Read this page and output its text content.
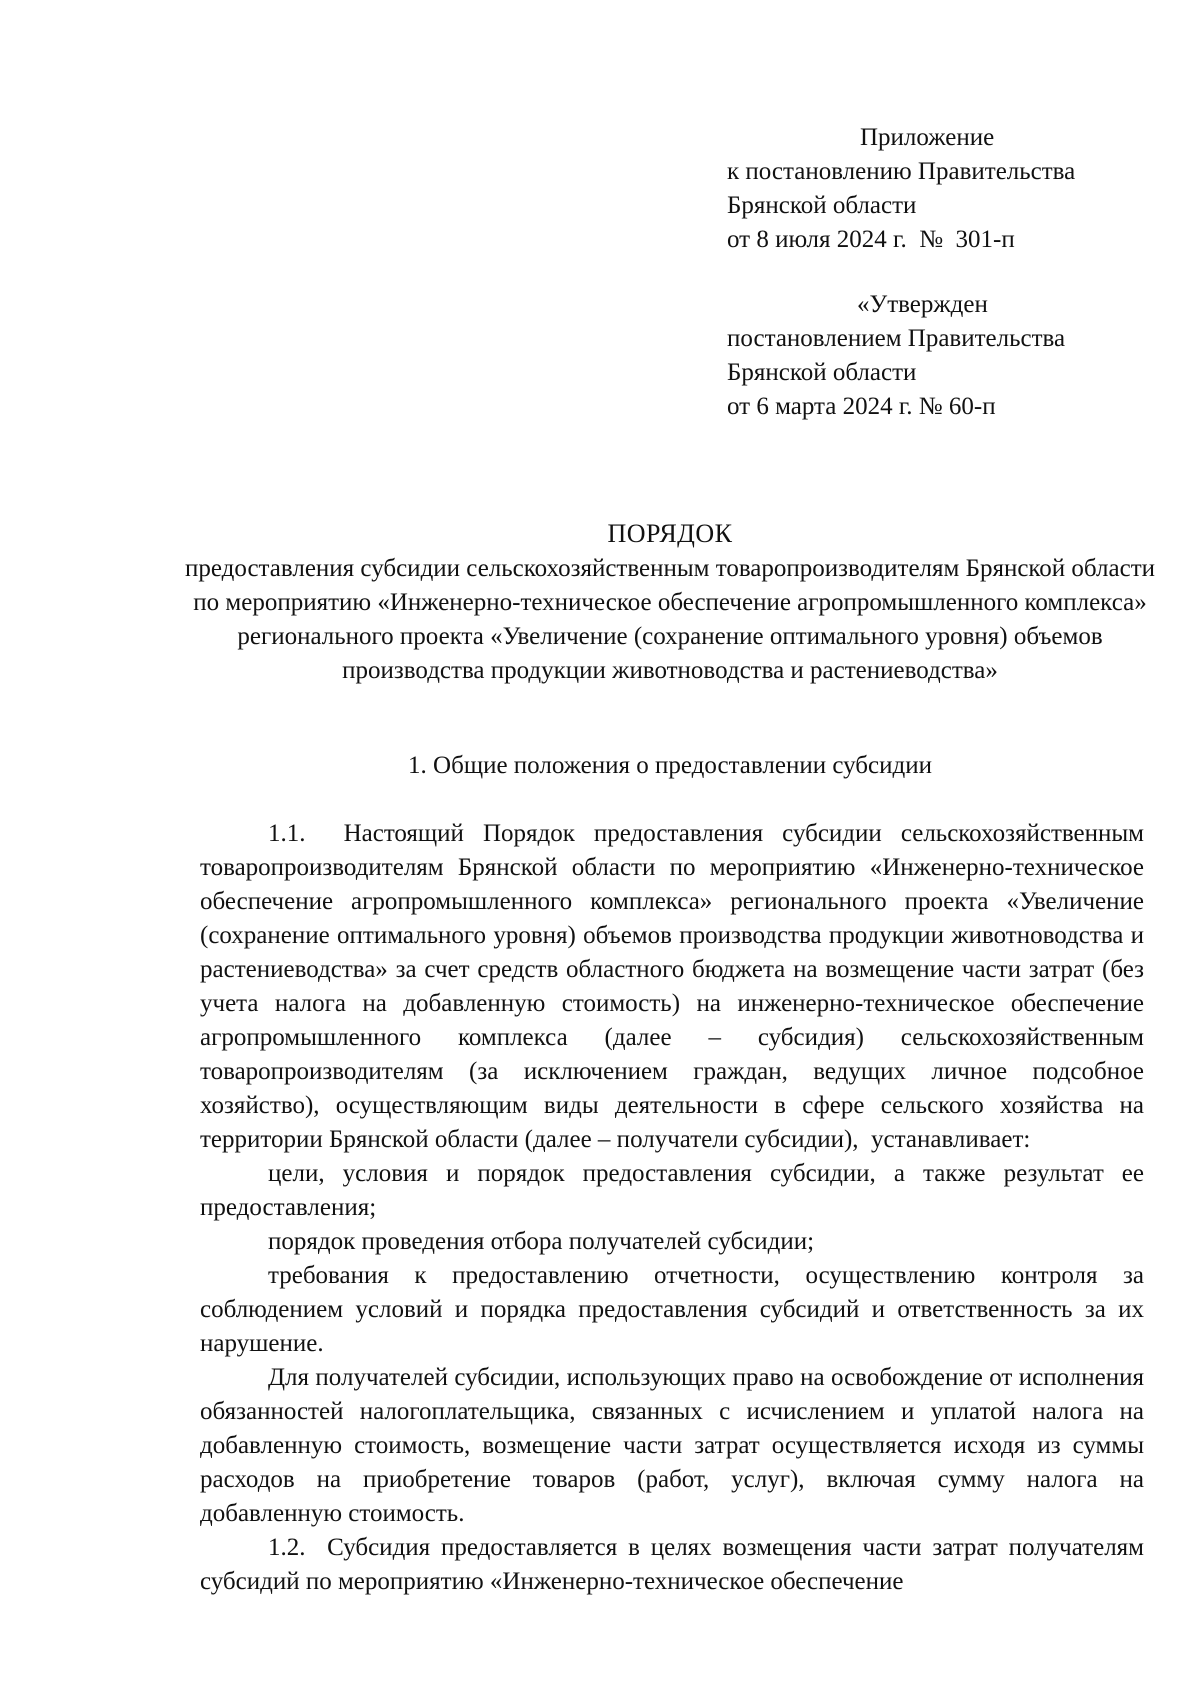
Приложение
к постановлению Правительства
Брянской области
от 8 июля 2024 г.  №  301-п
«Утвержден
постановлением Правительства
Брянской области
от 6 марта 2024 г. № 60-п
ПОРЯДОК
предоставления субсидии сельскохозяйственным товаропроизводителям Брянской области по мероприятию «Инженерно-техническое обеспечение агропромышленного комплекса» регионального проекта «Увеличение (сохранение оптимального уровня) объемов производства продукции животноводства и растениеводства»
1. Общие положения о предоставлении субсидии

1.1.  Настоящий Порядок предоставления субсидии сельскохозяйственным товаропроизводителям Брянской области по мероприятию «Инженерно-техническое обеспечение агропромышленного комплекса» регионального проекта «Увеличение (сохранение оптимального уровня) объемов производства продукции животноводства и растениеводства» за счет средств областного бюджета на возмещение части затрат (без учета налога на добавленную стоимость) на инженерно-техническое обеспечение агропромышленного комплекса (далее – субсидия) сельскохозяйственным товаропроизводителям (за исключением граждан, ведущих личное подсобное хозяйство), осуществляющим виды деятельности в сфере сельского хозяйства на территории Брянской области (далее – получатели субсидии),  устанавливает:

цели, условия и порядок предоставления субсидии, а также результат ее предоставления;

порядок проведения отбора получателей субсидии;

требования к предоставлению отчетности, осуществлению контроля за соблюдением условий и порядка предоставления субсидий и ответственность за их нарушение.

Для получателей субсидии, использующих право на освобождение от исполнения обязанностей налогоплательщика, связанных с исчислением и уплатой налога на добавленную стоимость, возмещение части затрат осуществляется исходя из суммы расходов на приобретение товаров (работ, услуг), включая сумму налога на добавленную стоимость.

1.2.  Субсидия предоставляется в целях возмещения части затрат получателям субсидий по мероприятию «Инженерно-техническое обеспечение
